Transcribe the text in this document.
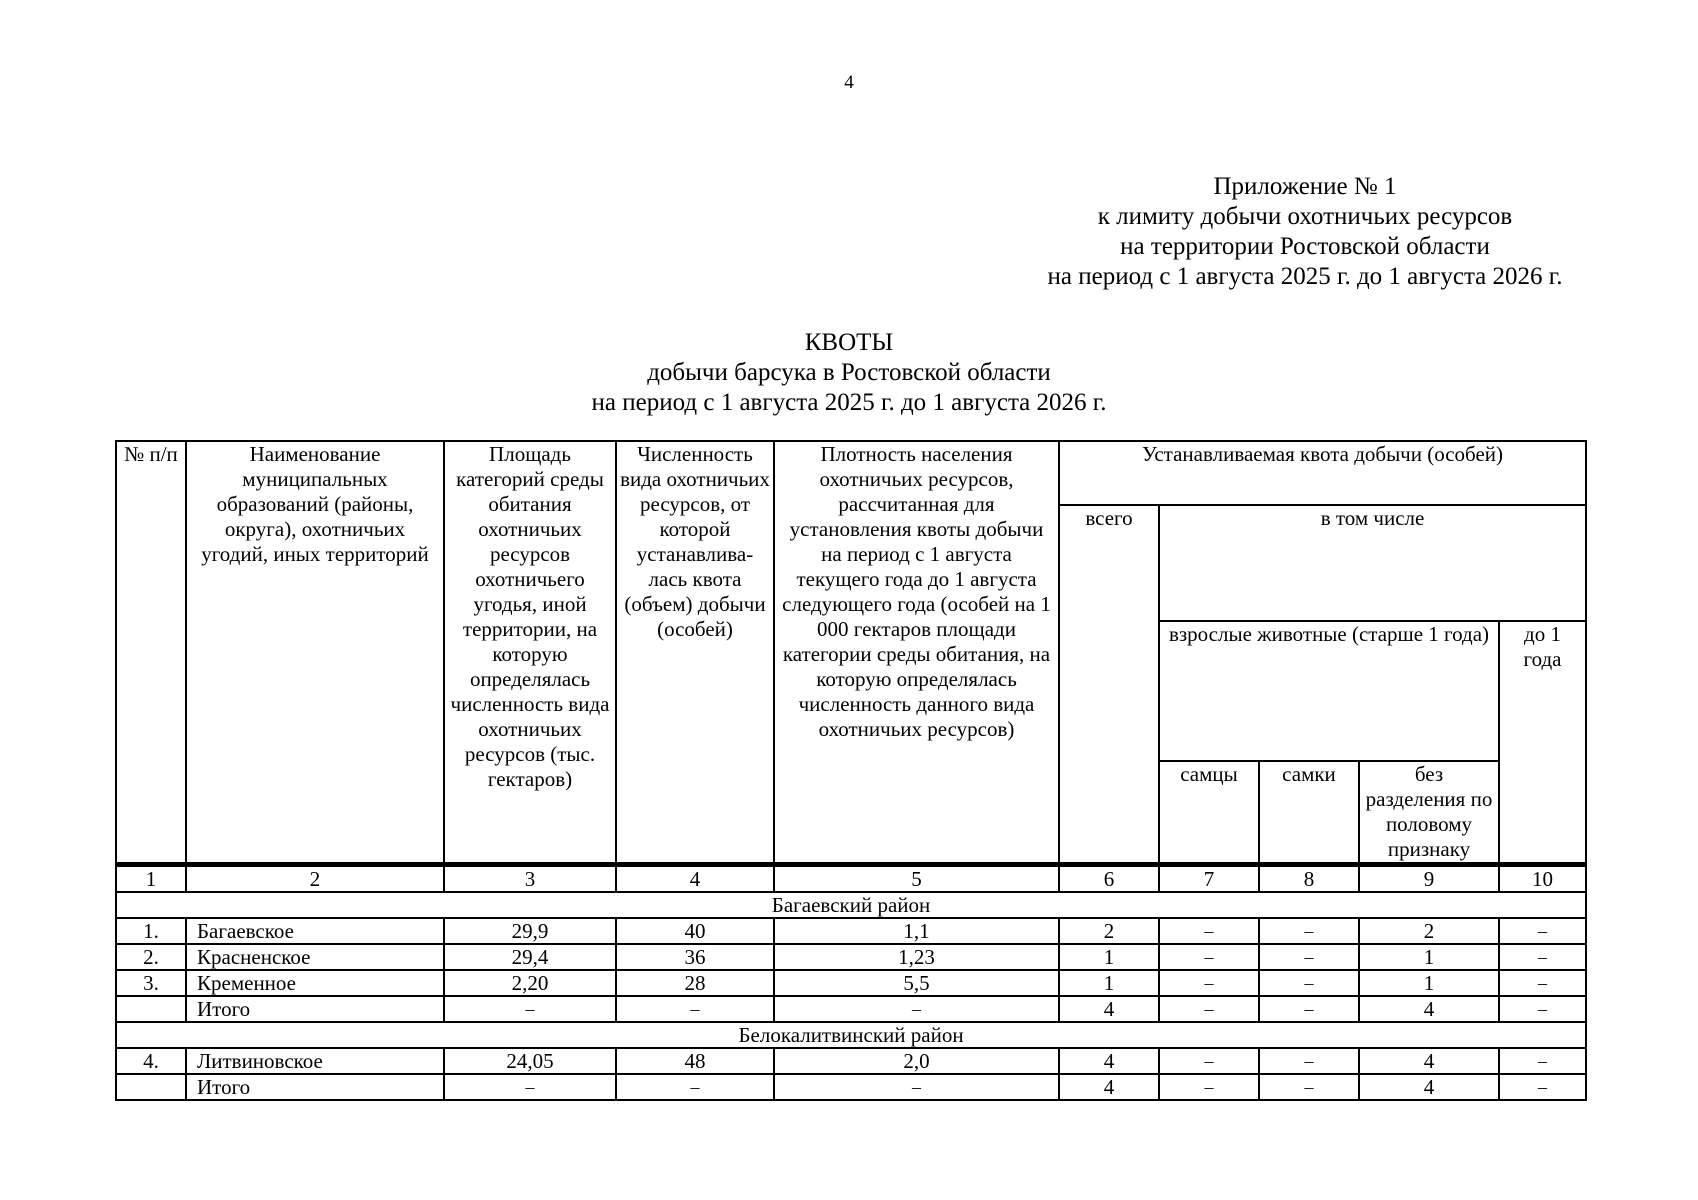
4
Приложение № 1
к лимиту добычи охотничьих ресурсов
на территории Ростовской области
на период с 1 августа 2025 г. до 1 августа 2026 г.
КВОТЫ
добычи барсука в Ростовской области
на период с 1 августа 2025 г. до 1 августа 2026 г.
№ п/п	Наименование муниципальных образований (районы, округа), охотничьих угодий, иных территорий	Площадь категорий среды обитания охотничьих ресурсов охотничьего угодья, иной территории, на которую определялась численность вида охотничьих ресурсов (тыс. гектаров)	Численность вида охотничьих ресурсов, от которой устанавлива-лась квота (объем) добычи (особей)	Плотность населения охотничьих ресурсов, рассчитанная для установления квоты добычи на период с 1 августа текущего года до 1 августа следующего года (особей на 1 000 гектаров площади категории среды обитания, на которую определялась численность данного вида охотничьих ресурсов)	Устанавливаемая квота добычи (особей)				
					всего	в том числе			
						взрослые животные (старше 1 года)			до 1 года
						самцы	самки	без разделения по половому признаку	
1	2	3	4	5	6	7	8	9	10
Багаевский район									
1.	Багаевское	29,9	40	1,1	2	–	–	2	–
2.	Красненское	29,4	36	1,23	1	–	–	1	–
3.	Кременное	2,20	28	5,5	1	–	–	1	–
	Итого	–	–	–	4	–	–	4	–
Белокалитвинский район									
4.	Литвиновское	24,05	48	2,0	4	–	–	4	–
	Итого	–	–	–	4	–	–	4	–
